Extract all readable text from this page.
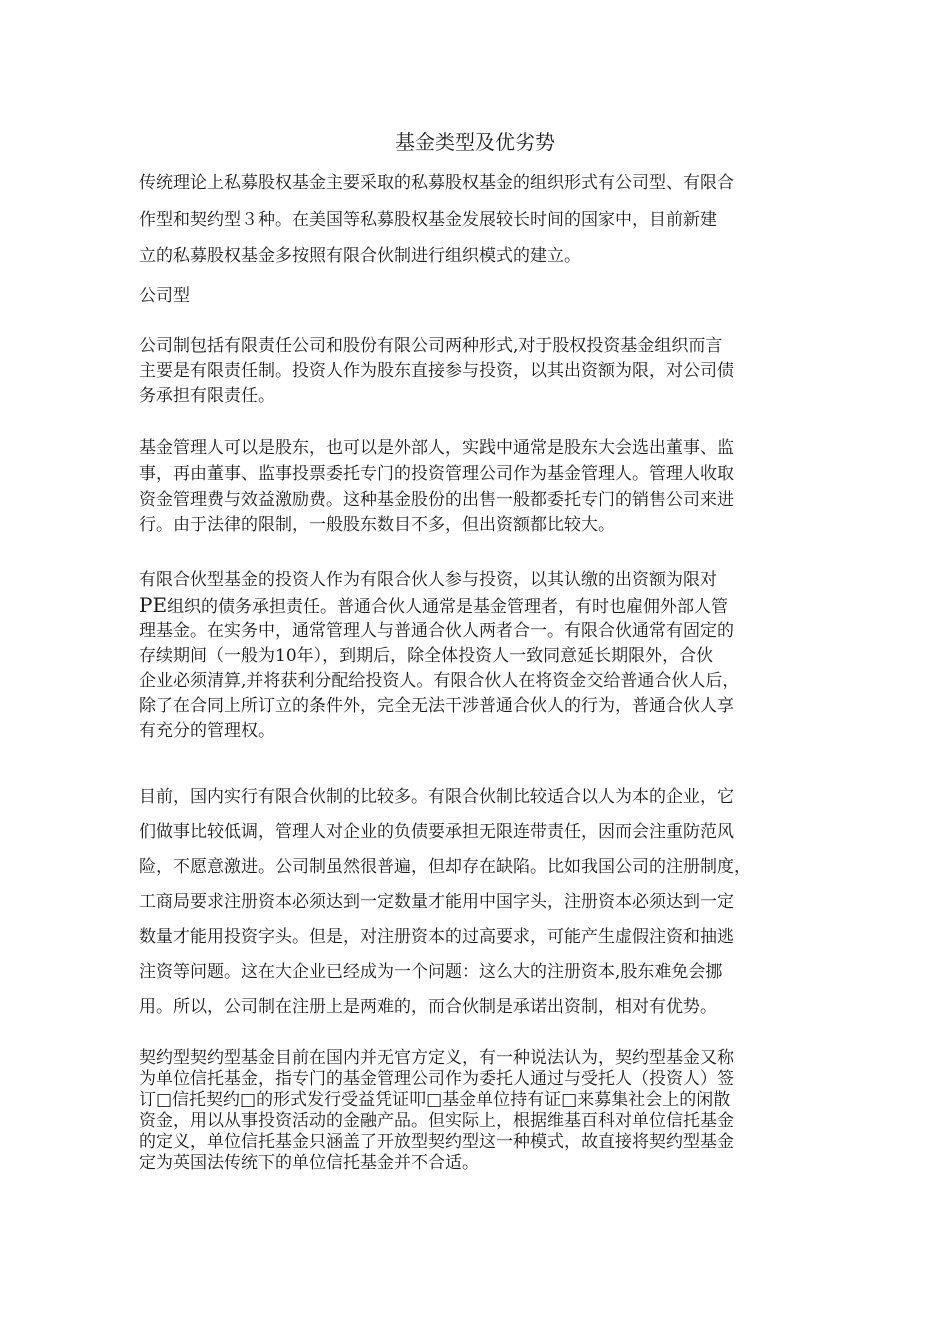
基金类型及优劣势

传统理论上私募股权基金主要采取的私募股权基金的组织形式有公司型、有限合

作型和契约型３种。在美国等私募股权基金发展较长时间的国家中，目前新建

立的私募股权基金多按照有限合伙制进行组织模式的建立。

公司型

公司制包括有限责任公司和股份有限公司两种形式,对于股权投资基金组织而言

主要是有限责任制。投资人作为股东直接参与投资，以其出资额为限，对公司债

务承担有限责任。

基金管理人可以是股东，也可以是外部人，实践中通常是股东大会选出董事、监

事，再由董事、监事投票委托专门的投资管理公司作为基金管理人。管理人收取

资金管理费与效益激励费。这种基金股份的出售一般都委托专门的销售公司来进

行。由于法律的限制，一般股东数目不多，但出资额都比较大。

有限合伙型基金的投资人作为有限合伙人参与投资，以其认缴的出资额为限对

PE组织的债务承担责任。普通合伙人通常是基金管理者，有时也雇佣外部人管

理基金。在实务中，通常管理人与普通合伙人两者合一。有限合伙通常有固定的

存续期间（一般为10年），到期后，除全体投资人一致同意延长期限外，合伙

企业必须清算,并将获利分配给投资人。有限合伙人在将资金交给普通合伙人后，

除了在合同上所订立的条件外，完全无法干涉普通合伙人的行为，普通合伙人享

有充分的管理权。

目前，国内实行有限合伙制的比较多。有限合伙制比较适合以人为本的企业，它

们做事比较低调，管理人对企业的负债要承担无限连带责任，因而会注重防范风

险，不愿意激进。公司制虽然很普遍，但却存在缺陷。比如我国公司的注册制度，

工商局要求注册资本必须达到一定数量才能用中国字头，注册资本必须达到一定

数量才能用投资字头。但是，对注册资本的过高要求，可能产生虚假注资和抽逃

注资等问题。这在大企业已经成为一个问题：这么大的注册资本,股东难免会挪

用。所以，公司制在注册上是两难的，而合伙制是承诺出资制，相对有优势。

契约型契约型基金目前在国内并无官方定义，有一种说法认为，契约型基金又称

为单位信托基金，指专门的基金管理公司作为委托人通过与受托人（投资人）签

订□信托契约□的形式发行受益凭证叩□基金单位持有证□来募集社会上的闲散

资金，用以从事投资活动的金融产品。但实际上，根据维基百科对单位信托基金

的定义，单位信托基金只涵盖了开放型契约型这一种模式，故直接将契约型基金

定为英国法传统下的单位信托基金并不合适。
